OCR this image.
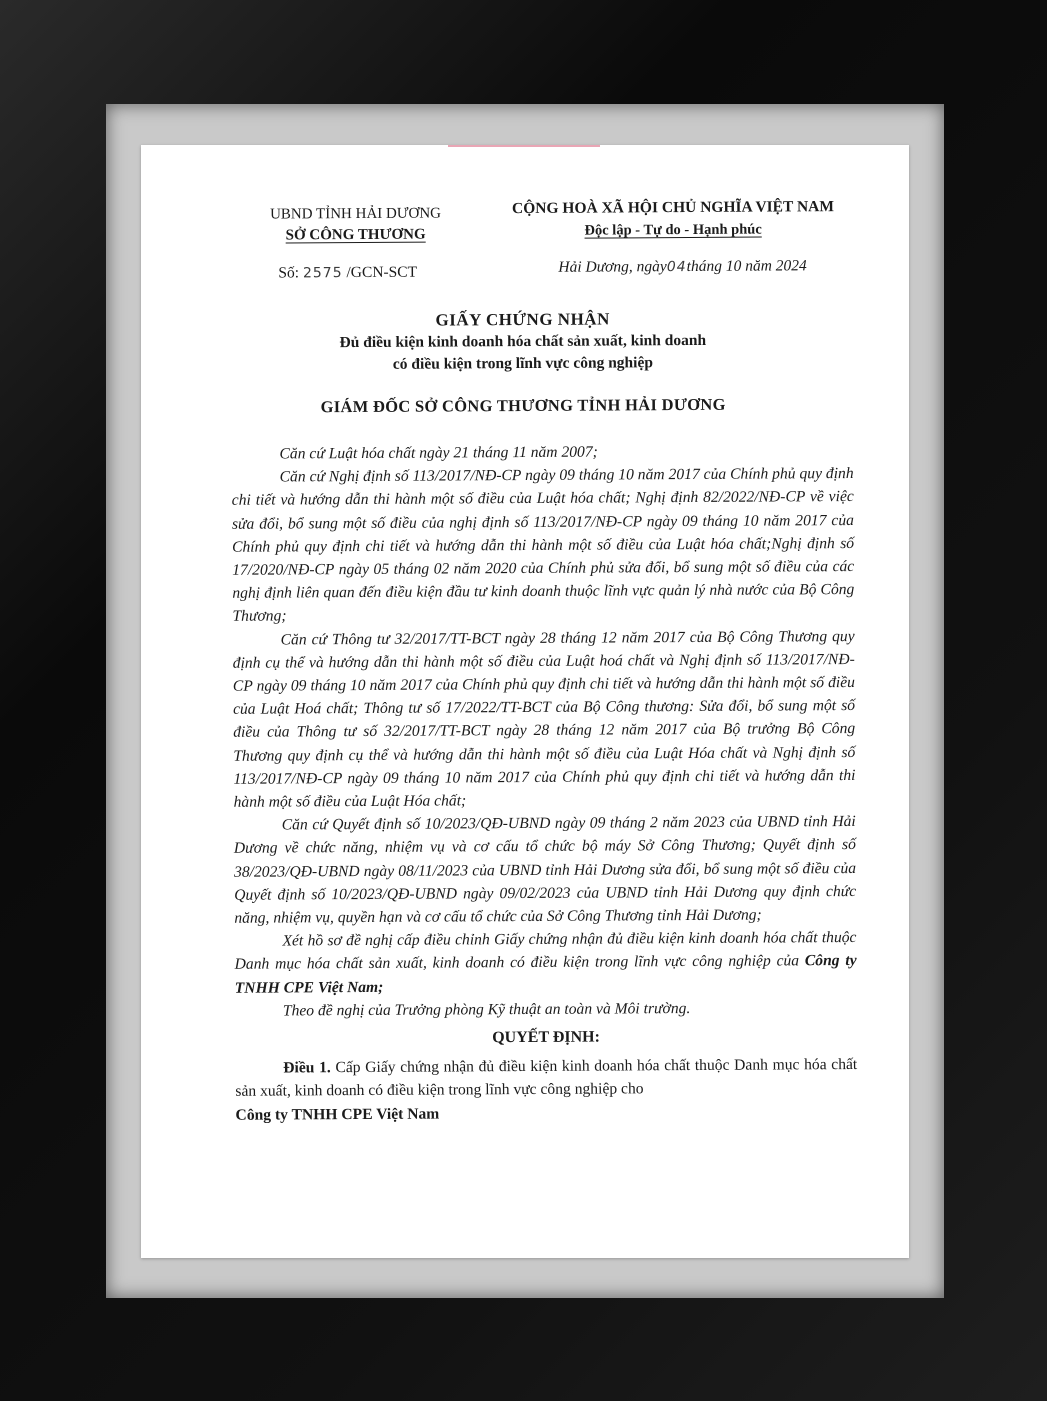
UBND TỈNH HẢI DƯƠNG
SỞ CÔNG THƯƠNG
CỘNG HOÀ XÃ HỘI CHỦ NGHĨA VIỆT NAM
Độc lập - Tự do - Hạnh phúc
Số: 2575 /GCN-SCT	Hải Dương, ngày04tháng 10 năm 2024
GIẤY CHỨNG NHẬN
Đủ điều kiện kinh doanh hóa chất sản xuất, kinh doanh
có điều kiện trong lĩnh vực công nghiệp
GIÁM ĐỐC SỞ CÔNG THƯƠNG TỈNH HẢI DƯƠNG

Căn cứ Luật hóa chất ngày 21 tháng 11 năm 2007;

Căn cứ Nghị định số 113/2017/NĐ-CP ngày 09 tháng 10 năm 2017 của Chính phủ quy định chi tiết và hướng dẫn thi hành một số điều của Luật hóa chất; Nghị định 82/2022/NĐ-CP về việc sửa đổi, bổ sung một số điều của nghị định số 113/2017/NĐ-CP ngày 09 tháng 10 năm 2017 của Chính phủ quy định chi tiết và hướng dẫn thi hành một số điều của Luật hóa chất;Nghị định số 17/2020/NĐ-CP ngày 05 tháng 02 năm 2020 của Chính phủ sửa đổi, bổ sung một số điều của các nghị định liên quan đến điều kiện đầu tư kinh doanh thuộc lĩnh vực quản lý nhà nước của Bộ Công Thương;

Căn cứ Thông tư 32/2017/TT-BCT ngày 28 tháng 12 năm 2017 của Bộ Công Thương quy định cụ thể và hướng dẫn thi hành một số điều của Luật hoá chất và Nghị định số 113/2017/NĐ-CP ngày 09 tháng 10 năm 2017 của Chính phủ quy định chi tiết và hướng dẫn thi hành một số điều của Luật Hoá chất; Thông tư số 17/2022/TT-BCT của Bộ Công thương: Sửa đổi, bổ sung một số điều của Thông tư số 32/2017/TT-BCT ngày 28 tháng 12 năm 2017 của Bộ trưởng Bộ Công Thương quy định cụ thể và hướng dẫn thi hành một số điều của Luật Hóa chất và Nghị định số 113/2017/NĐ-CP ngày 09 tháng 10 năm 2017 của Chính phủ quy định chi tiết và hướng dẫn thi hành một số điều của Luật Hóa chất;

Căn cứ Quyết định số 10/2023/QĐ-UBND ngày 09 tháng 2 năm 2023 của UBND tỉnh Hải Dương về chức năng, nhiệm vụ và cơ cấu tổ chức bộ máy Sở Công Thương; Quyết định số 38/2023/QĐ-UBND ngày 08/11/2023 của UBND tỉnh Hải Dương sửa đổi, bổ sung một số điều của Quyết định số 10/2023/QĐ-UBND ngày 09/02/2023 của UBND tỉnh Hải Dương quy định chức năng, nhiệm vụ, quyền hạn và cơ cấu tổ chức của Sở Công Thương tỉnh Hải Dương;

Xét hồ sơ đề nghị cấp điều chỉnh Giấy chứng nhận đủ điều kiện kinh doanh hóa chất thuộc Danh mục hóa chất sản xuất, kinh doanh có điều kiện trong lĩnh vực công nghiệp của Công ty TNHH CPE Việt Nam;

Theo đề nghị của Trưởng phòng Kỹ thuật an toàn và Môi trường.

QUYẾT ĐỊNH:

Điều 1. Cấp Giấy chứng nhận đủ điều kiện kinh doanh hóa chất thuộc Danh mục hóa chất sản xuất, kinh doanh có điều kiện trong lĩnh vực công nghiệp cho

Công ty TNHH CPE Việt Nam
